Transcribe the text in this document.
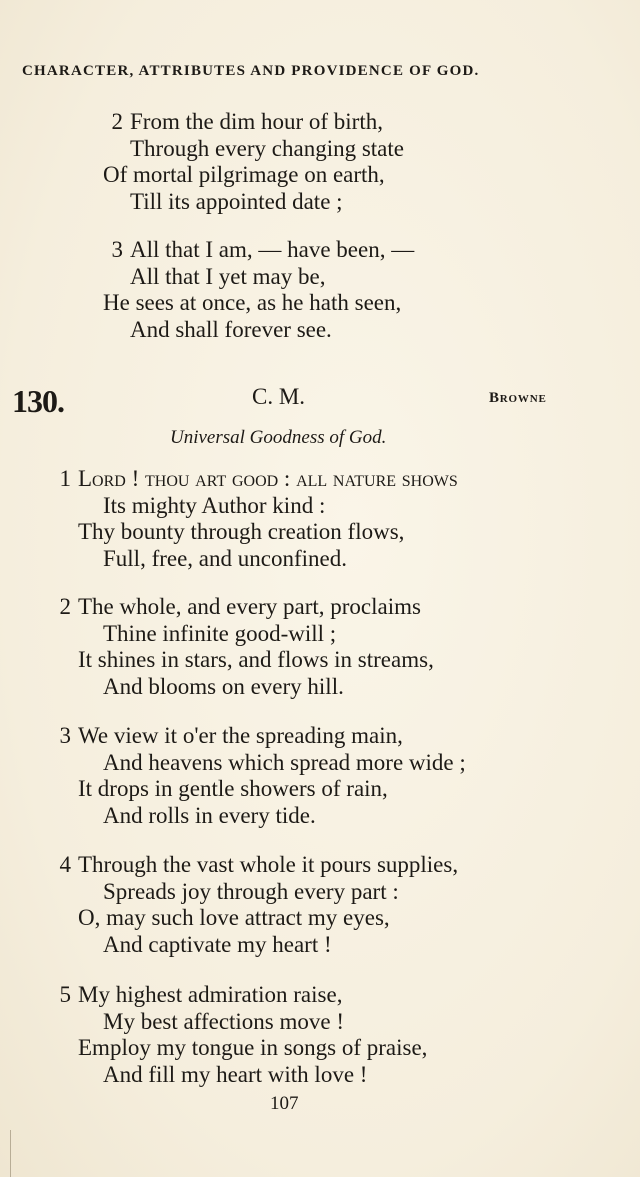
CHARACTER, ATTRIBUTES AND PROVIDENCE OF GOD.
2 From the dim hour of birth,
Through every changing state
Of mortal pilgrimage on earth,
Till its appointed date ;
3 All that I am, — have been, —
All that I yet may be,
He sees at once, as he hath seen,
And shall forever see.
130.	C. M.	Browne
Universal Goodness of God.
1 Lord ! thou art good : all nature shows
Its mighty Author kind :
Thy bounty through creation flows,
Full, free, and unconfined.
2 The whole, and every part, proclaims
Thine infinite good-will ;
It shines in stars, and flows in streams,
And blooms on every hill.
3 We view it o'er the spreading main,
And heavens which spread more wide ;
It drops in gentle showers of rain,
And rolls in every tide.
4 Through the vast whole it pours supplies,
Spreads joy through every part :
O, may such love attract my eyes,
And captivate my heart !
5 My highest admiration raise,
My best affections move !
Employ my tongue in songs of praise,
And fill my heart with love !
107
